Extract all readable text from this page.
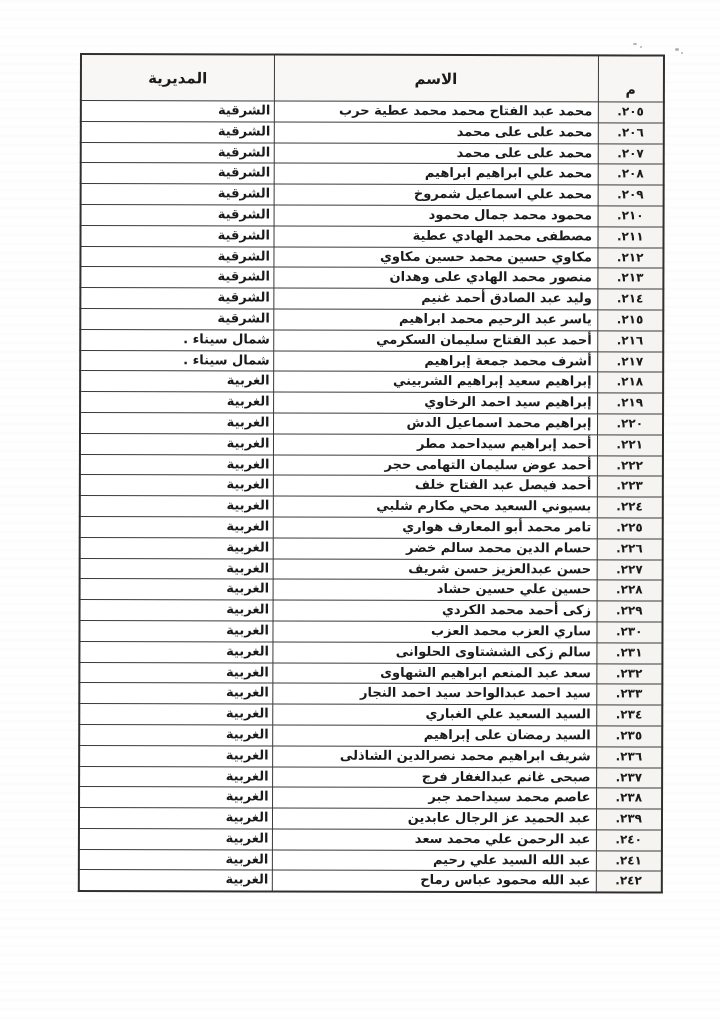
م	الاسم	المديرية
٢٠٥.	محمد عبد الفتاح محمد محمد عطية حرب	الشرقية
٢٠٦.	محمد على على محمد	الشرقية
٢٠٧.	محمد على على محمد	الشرقية
٢٠٨.	محمد علي ابراهيم ابراهيم	الشرقية
٢٠٩.	محمد علي اسماعيل شمروخ	الشرقية
٢١٠.	محمود محمد جمال محمود	الشرقية
٢١١.	مصطفى محمد الهادي عطية	الشرقية
٢١٢.	مكاوي حسين محمد حسين مكاوي	الشرقية
٢١٣.	منصور محمد الهادي على وهدان	الشرقية
٢١٤.	وليد عبد الصادق أحمد غنيم	الشرقية
٢١٥.	ياسر عبد الرحيم محمد ابراهيم	الشرقية
٢١٦.	أحمد عبد الفتاح سليمان السكرمي	شمال سيناء .
٢١٧.	أشرف محمد جمعة إبراهيم	شمال سيناء .
٢١٨.	إبراهيم سعيد إبراهيم الشربيني	الغربية
٢١٩.	إبراهيم سيد احمد الرخاوي	الغربية
٢٢٠.	إبراهيم محمد اسماعيل الدش	الغربية
٢٢١.	أحمد إبراهيم سيداحمد مطر	الغربية
٢٢٢.	أحمد عوض سليمان التهامى حجر	الغربية
٢٢٣.	أحمد فيصل عبد الفتاح خلف	الغربية
٢٢٤.	بسيوني السعيد محي مكارم شلبي	الغربية
٢٢٥.	تامر محمد أبو المعارف هواري	الغربية
٢٢٦.	حسام الدين محمد سالم خضر	الغربية
٢٢٧.	حسن عبدالعزيز حسن شريف	الغربية
٢٢٨.	حسين علي حسين حشاد	الغربية
٢٢٩.	زكى أحمد محمد الكردي	الغربية
٢٣٠.	ساري العزب محمد العزب	الغربية
٢٣١.	سالم زكى الششتاوى الحلوانى	الغربية
٢٣٢.	سعد عبد المنعم ابراهيم الشهاوى	الغربية
٢٣٣.	سيد احمد عبدالواحد سيد احمد النجار	الغربية
٢٣٤.	السيد السعيد علي الغباري	الغربية
٢٣٥.	السيد رمضان على إبراهيم	الغربية
٢٣٦.	شريف ابراهيم محمد نصرالدين الشاذلى	الغربية
٢٣٧.	صبحى غانم عبدالغفار فرج	الغربية
٢٣٨.	عاصم محمد سيداحمد جبر	الغربية
٢٣٩.	عبد الحميد عز الرجال عابدين	الغربية
٢٤٠.	عبد الرحمن علي محمد سعد	الغربية
٢٤١.	عبد الله السيد علي رحيم	الغربية
٢٤٢.	عبد الله محمود عباس رماح	الغربية
